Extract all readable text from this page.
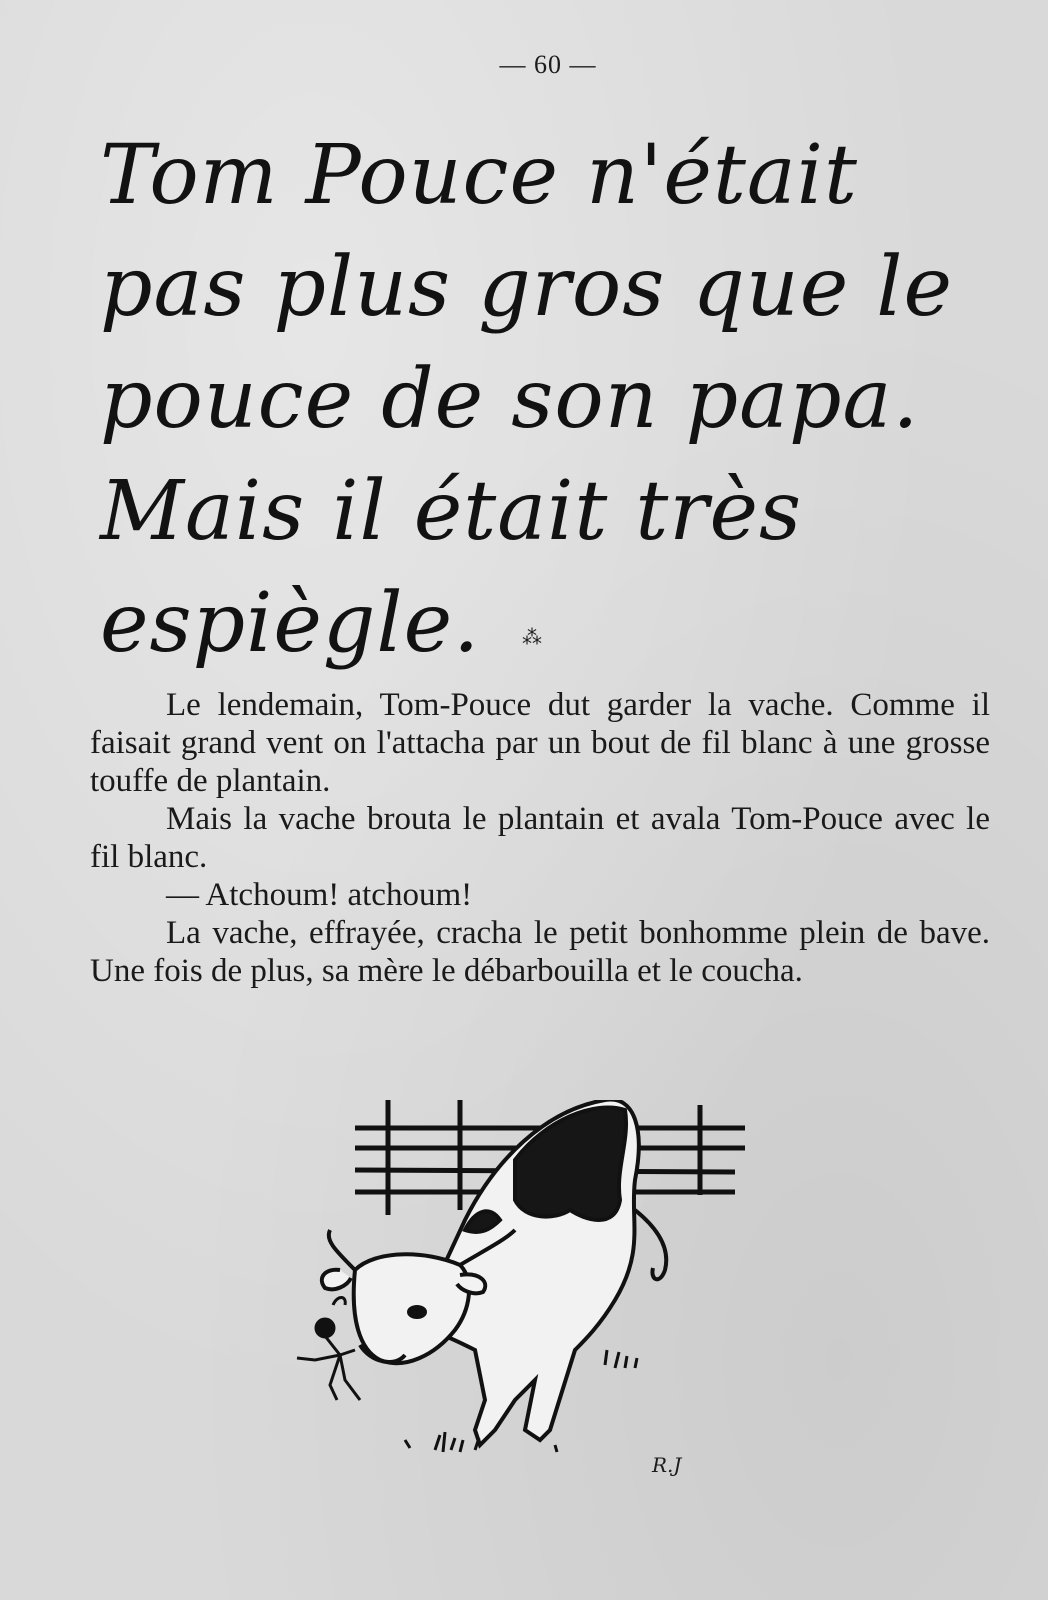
— 60 —
Tom Pouce n'était pas plus gros que le pouce de son papa. Mais il était très espiègle.	⁂

Le lendemain, Tom-Pouce dut garder la vache. Comme il faisait grand vent on l'attacha par un bout de fil blanc à une grosse touffe de plantain.

Mais la vache brouta le plantain et avala Tom-Pouce avec le fil blanc.

— Atchoum! atchoum!

La vache, effrayée, cracha le petit bonhomme plein de bave. Une fois de plus, sa mère le débarbouilla et le coucha.

R.J
